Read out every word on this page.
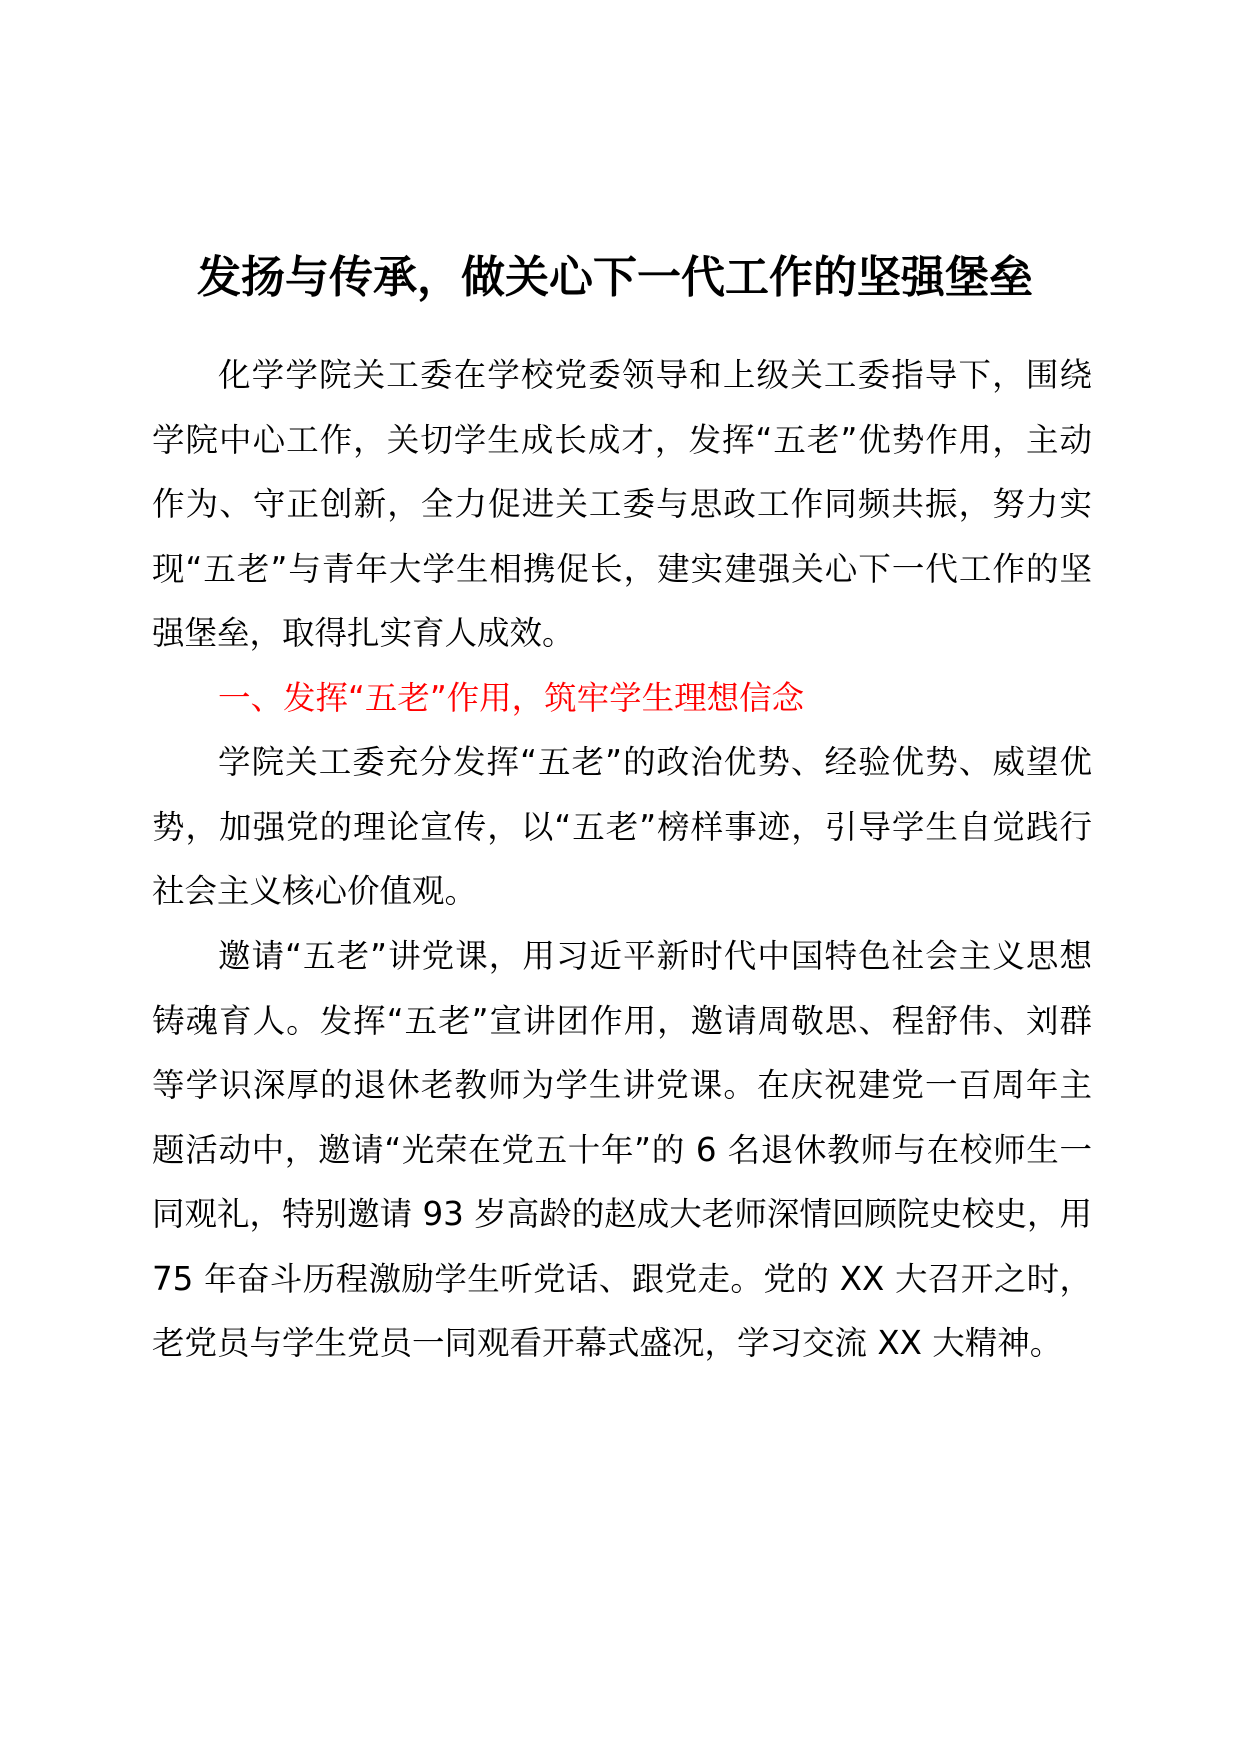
发扬与传承，做关心下一代工作的坚强堡垒

化学学院关工委在学校党委领导和上级关工委指导下，围绕学院中心工作，关切学生成长成才，发挥“五老”优势作用，主动作为、守正创新，全力促进关工委与思政工作同频共振，努力实现“五老”与青年大学生相携促长，建实建强关心下一代工作的坚强堡垒，取得扎实育人成效。

一、发挥“五老”作用，筑牢学生理想信念

学院关工委充分发挥“五老”的政治优势、经验优势、威望优势，加强党的理论宣传，以“五老”榜样事迹，引导学生自觉践行社会主义核心价值观。

邀请“五老”讲党课，用习近平新时代中国特色社会主义思想铸魂育人。发挥“五老”宣讲团作用，邀请周敬思、程舒伟、刘群等学识深厚的退休老教师为学生讲党课。在庆祝建党一百周年主题活动中，邀请“光荣在党五十年”的 6 名退休教师与在校师生一同观礼，特别邀请 93 岁高龄的赵成大老师深情回顾院史校史，用 75 年奋斗历程激励学生听党话、跟党走。党的 XX 大召开之时，老党员与学生党员一同观看开幕式盛况，学习交流 XX 大精神。
